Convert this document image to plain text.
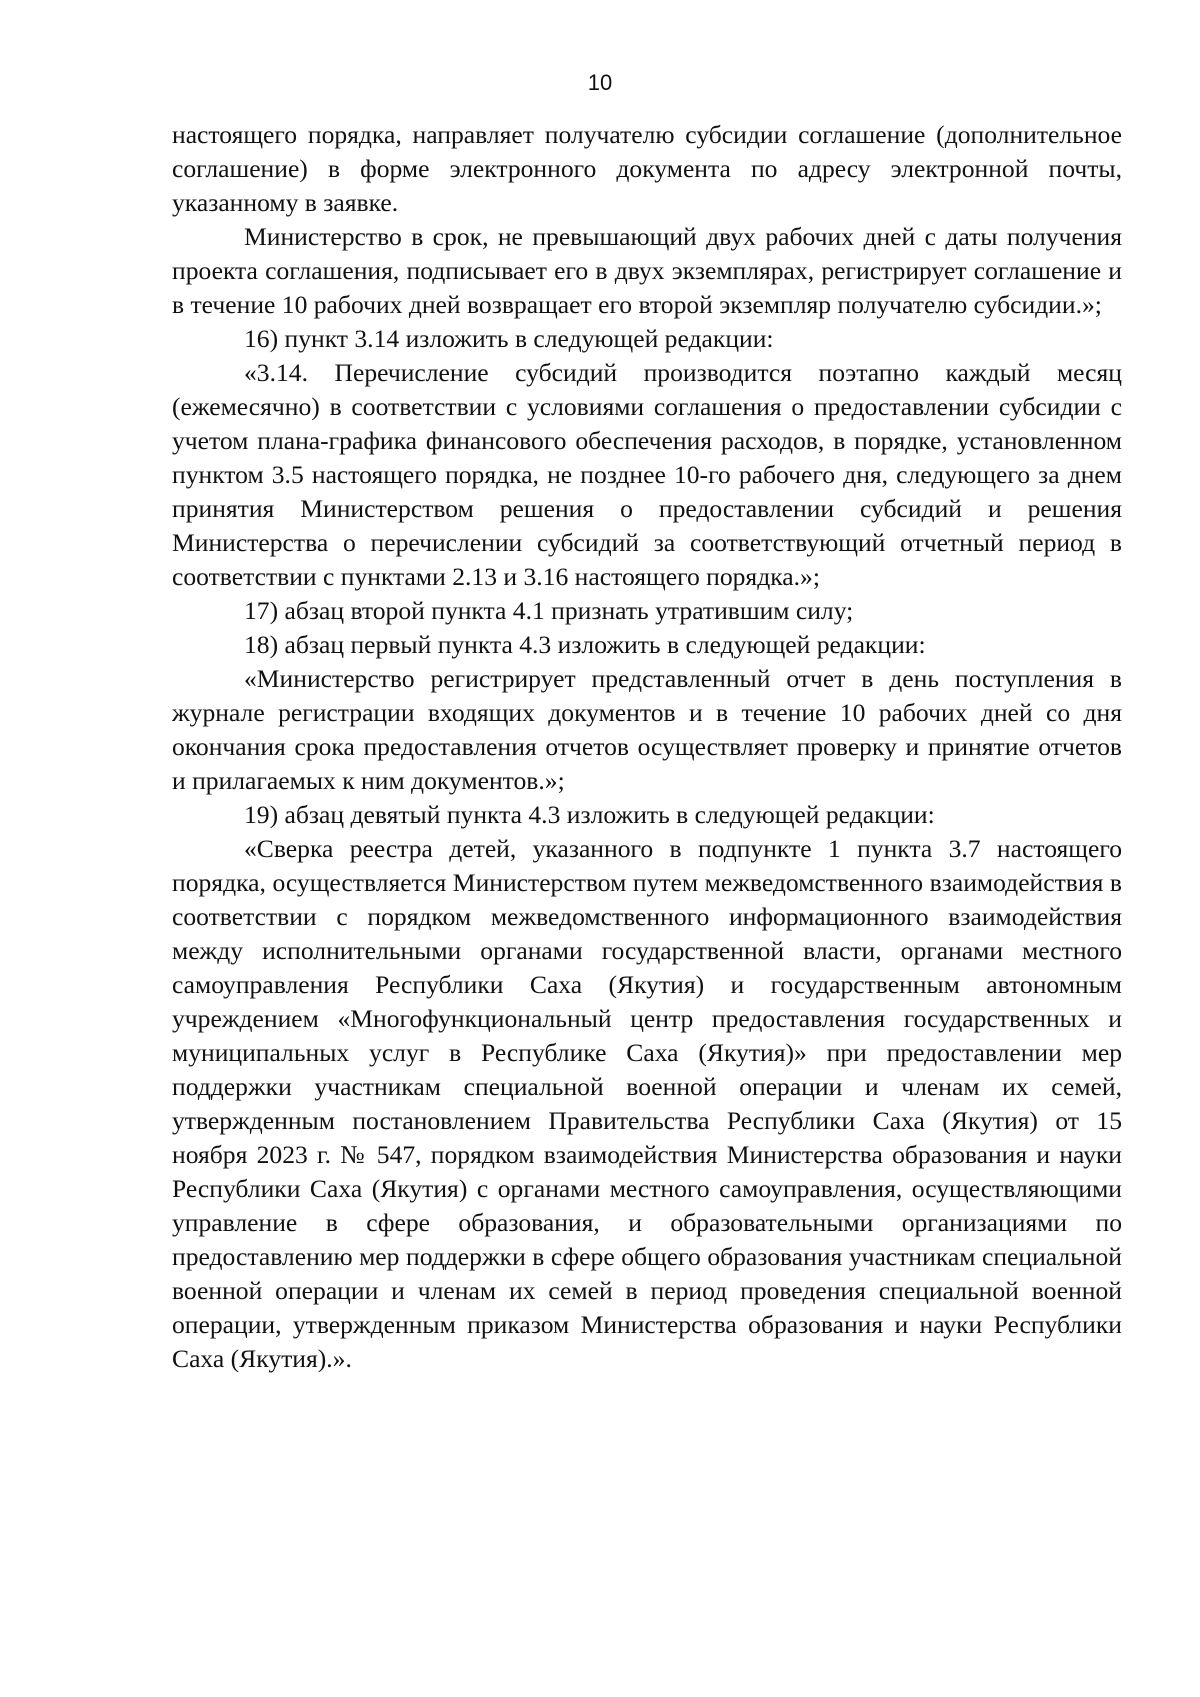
10

настоящего порядка, направляет получателю субсидии соглашение (дополнительное соглашение) в форме электронного документа по адресу электронной почты, указанному в заявке.

Министерство в срок, не превышающий двух рабочих дней с даты получения проекта соглашения, подписывает его в двух экземплярах, регистрирует соглашение и в течение 10 рабочих дней возвращает его второй экземпляр получателю субсидии.»;

16) пункт 3.14 изложить в следующей редакции:

«3.14. Перечисление субсидий производится поэтапно каждый месяц (ежемесячно) в соответствии с условиями соглашения о предоставлении субсидии с учетом плана-графика финансового обеспечения расходов, в порядке, установленном пунктом 3.5 настоящего порядка, не позднее 10-го рабочего дня, следующего за днем принятия Министерством решения о предоставлении субсидий и решения Министерства о перечислении субсидий за соответствующий отчетный период в соответствии с пунктами 2.13 и 3.16 настоящего порядка.»;

17) абзац второй пункта 4.1 признать утратившим силу;

18) абзац первый пункта 4.3 изложить в следующей редакции:

«Министерство регистрирует представленный отчет в день поступления в журнале регистрации входящих документов и в течение 10 рабочих дней со дня окончания срока предоставления отчетов осуществляет проверку и принятие отчетов и прилагаемых к ним документов.»;

19) абзац девятый пункта 4.3 изложить в следующей редакции:

«Сверка реестра детей, указанного в подпункте 1 пункта 3.7 настоящего порядка, осуществляется Министерством путем межведомственного взаимодействия в соответствии с порядком межведомственного информационного взаимодействия между исполнительными органами государственной власти, органами местного самоуправления Республики Саха (Якутия) и государственным автономным учреждением «Многофункциональный центр предоставления государственных и муниципальных услуг в Республике Саха (Якутия)» при предоставлении мер поддержки участникам специальной военной операции и членам их семей, утвержденным постановлением Правительства Республики Саха (Якутия) от 15 ноября 2023 г. № 547, порядком взаимодействия Министерства образования и науки Республики Саха (Якутия) с органами местного самоуправления, осуществляющими управление в сфере образования, и образовательными организациями по предоставлению мер поддержки в сфере общего образования участникам специальной военной операции и членам их семей в период проведения специальной военной операции, утвержденным приказом Министерства образования и науки Республики Саха (Якутия).».
